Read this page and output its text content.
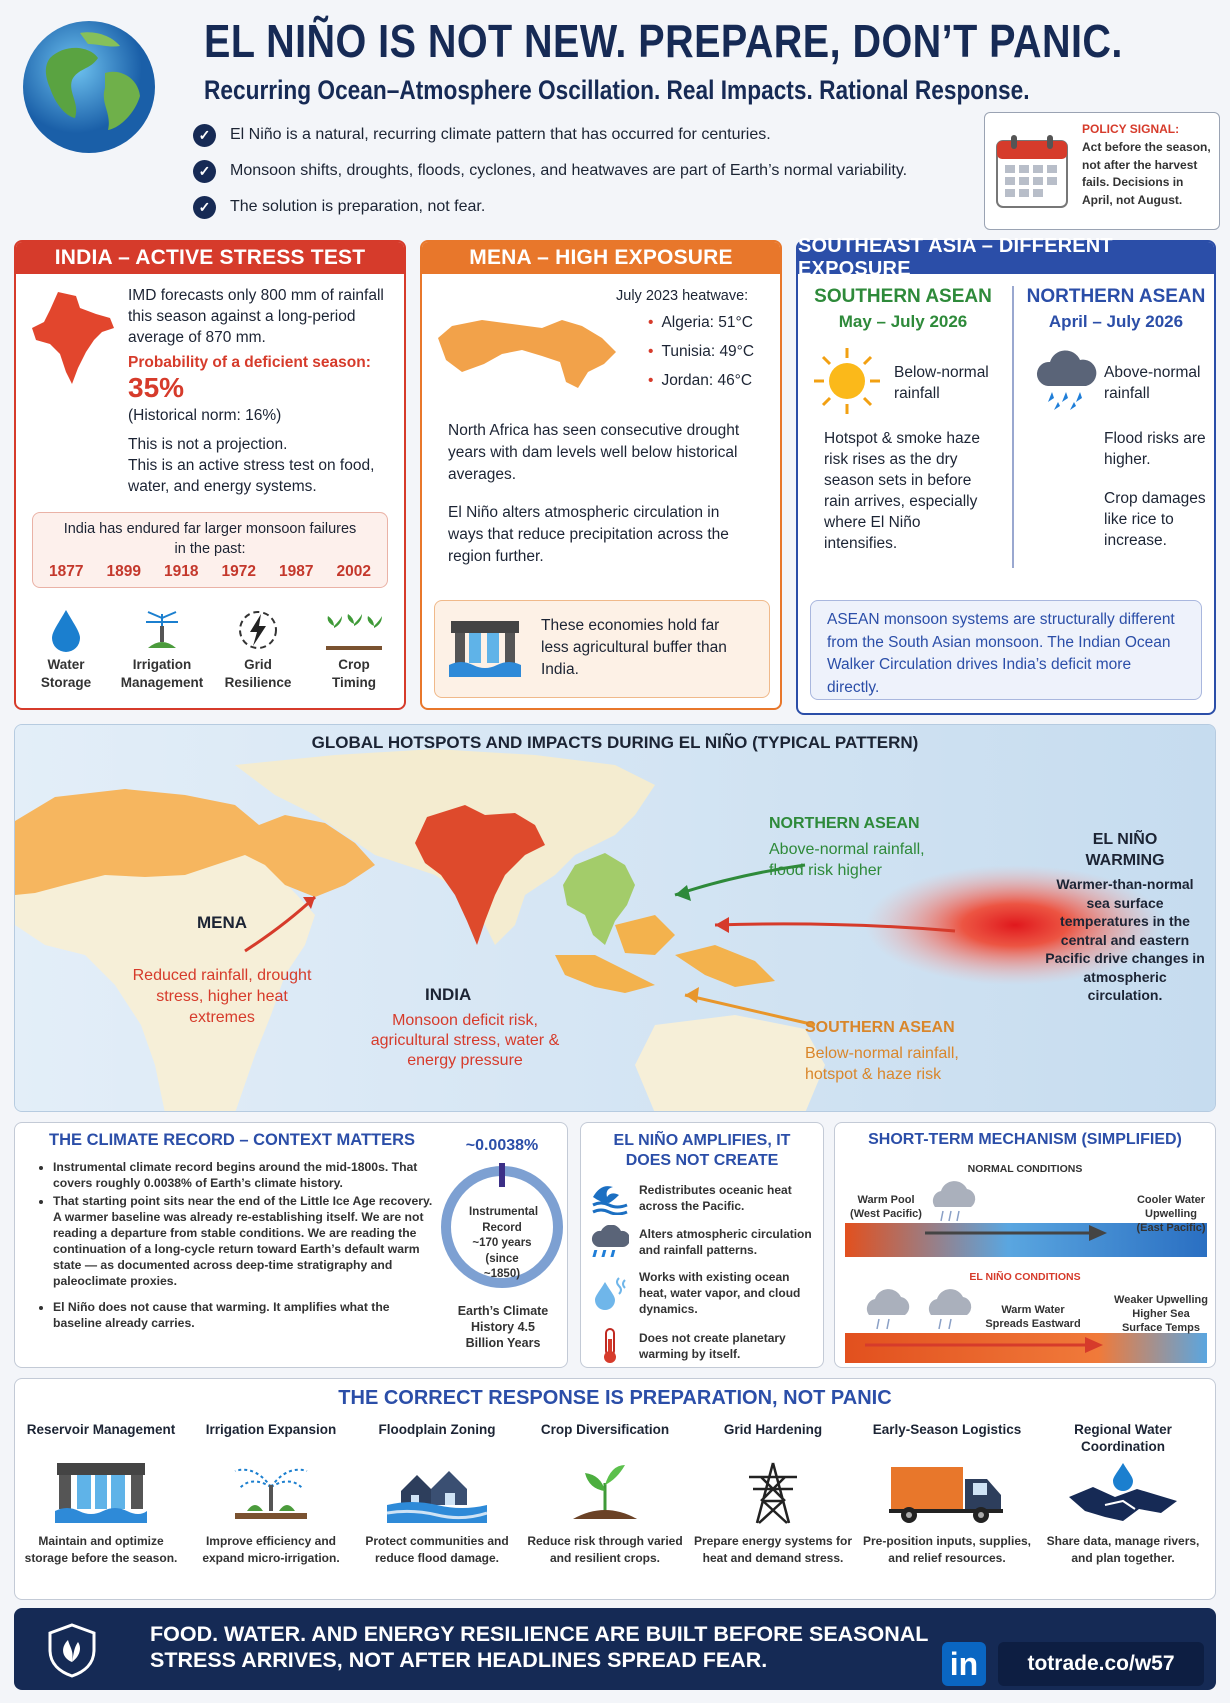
EL NIÑO IS NOT NEW. PREPARE, DON’T PANIC.
Recurring Ocean–Atmosphere Oscillation. Real Impacts. Rational Response.
✓	El Niño is a natural, recurring climate pattern that has occurred for centuries.
✓	Monsoon shifts, droughts, floods, cyclones, and heatwaves are part of Earth’s normal variability.
✓	The solution is preparation, not fear.
POLICY SIGNAL:
Act before the season, not after the harvest fails. Decisions in April, not August.
INDIA – ACTIVE STRESS TEST
IMD forecasts only 800 mm of rainfall this season against a long-period average of 870 mm.
Probability of a deficient season:
35%
(Historical norm: 16%)
This is not a projection.
This is an active stress test on food, water, and energy systems.
India has endured far larger monsoon failures in the past:
1877 1899 1918 1972 1987 2002
Water
Storage
Irrigation
Management
Grid
Resilience
Crop
Timing
MENA – HIGH EXPOSURE
July 2023 heatwave:
• Algeria: 51°C
• Tunisia: 49°C
• Jordan: 46°C
North Africa has seen consecutive drought years with dam levels well below historical averages.
El Niño alters atmospheric circulation in ways that reduce precipitation across the region further.
These economies hold far less agricultural buffer than India.
SOUTHEAST ASIA – DIFFERENT EXPOSURE
SOUTHERN ASEAN
May – July 2026
Below-normal rainfall
Hotspot & smoke haze risk rises as the dry season sets in before rain arrives, especially where El Niño intensifies.
NORTHERN ASEAN
April – July 2026
Above-normal rainfall
Flood risks are higher.
Crop damages like rice to increase.
ASEAN monsoon systems are structurally different from the South Asian monsoon. The Indian Ocean Walker Circulation drives India’s deficit more directly.
GLOBAL HOTSPOTS AND IMPACTS DURING EL NIÑO (TYPICAL PATTERN)
MENA
Reduced rainfall, drought stress, higher heat extremes
INDIA
Monsoon deficit risk, agricultural stress, water & energy pressure
NORTHERN ASEAN
Above-normal rainfall, flood risk higher
SOUTHERN ASEAN
Below-normal rainfall, hotspot & haze risk
EL NIÑO WARMING
Warmer-than-normal sea surface temperatures in the central and eastern Pacific drive changes in atmospheric circulation.
THE CLIMATE RECORD – CONTEXT MATTERS
• Instrumental climate record begins around the mid-1800s. That covers roughly 0.0038% of Earth’s climate history.
• That starting point sits near the end of the Little Ice Age recovery. A warmer baseline was already re-establishing itself. We are not reading a departure from stable conditions. We are reading the continuation of a long-cycle return toward Earth’s default warm state — as documented across deep-time stratigraphy and paleoclimate proxies.
• El Niño does not cause that warming. It amplifies what the baseline already carries.
~0.0038%
Instrumental Record ~170 years (since ~1850)
Earth’s Climate History 4.5 Billion Years
EL NIÑO AMPLIFIES, IT DOES NOT CREATE
Redistributes oceanic heat across the Pacific.
Alters atmospheric circulation and rainfall patterns.
Works with existing ocean heat, water vapor, and cloud dynamics.
Does not create planetary warming by itself.
SHORT-TERM MECHANISM (SIMPLIFIED)
NORMAL CONDITIONS
Warm Pool (West Pacific)
Cooler Water Upwelling (East Pacific)
EL NIÑO CONDITIONS
Warm Water Spreads Eastward
Weaker Upwelling Higher Sea Surface Temps
THE CORRECT RESPONSE IS PREPARATION, NOT PANIC
Reservoir Management
Maintain and optimize storage before the season.
Irrigation Expansion
Improve efficiency and expand micro-irrigation.
Floodplain Zoning
Protect communities and reduce flood damage.
Crop Diversification
Reduce risk through varied and resilient crops.
Grid Hardening
Prepare energy systems for heat and demand stress.
Early-Season Logistics
Pre-position inputs, supplies, and relief resources.
Regional Water Coordination
Share data, manage rivers, and plan together.
FOOD. WATER. AND ENERGY RESILIENCE ARE BUILT BEFORE SEASONAL
STRESS ARRIVES, NOT AFTER HEADLINES SPREAD FEAR.	in	totrade.co/w57
